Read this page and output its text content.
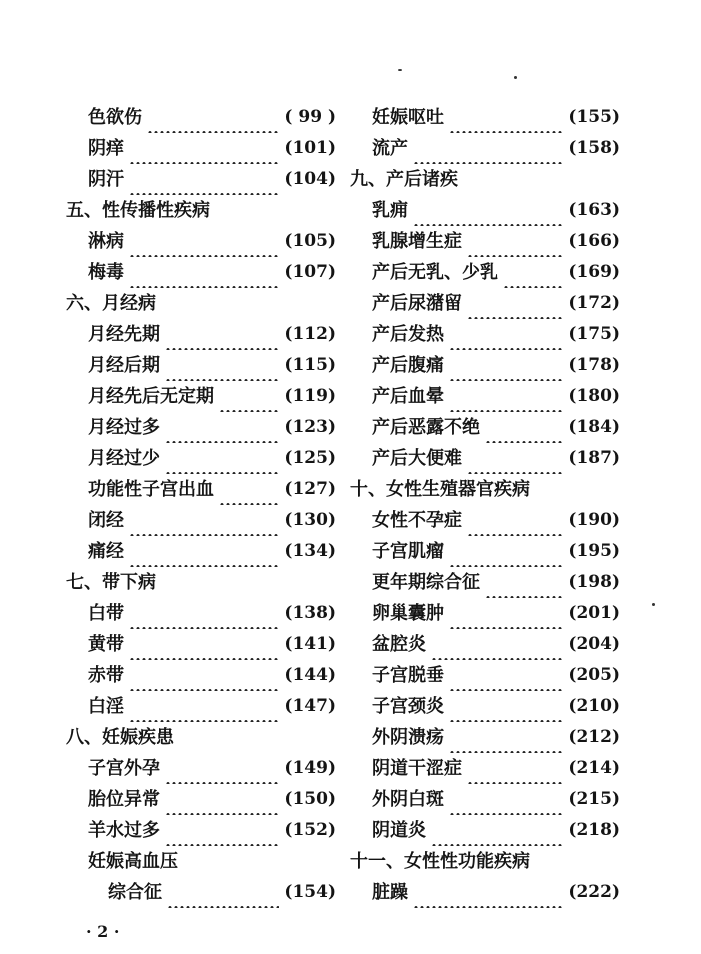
色欲伤	( 99 )
阴痒	(101)
阴汗	(104)
五、性传播性疾病
淋病	(105)
梅毒	(107)
六、月经病
月经先期	(112)
月经后期	(115)
月经先后无定期	(119)
月经过多	(123)
月经过少	(125)
功能性子宫出血	(127)
闭经	(130)
痛经	(134)
七、带下病
白带	(138)
黄带	(141)
赤带	(144)
白淫	(147)
八、妊娠疾患
子宫外孕	(149)
胎位异常	(150)
羊水过多	(152)
妊娠高血压
综合征	(154)
妊娠呕吐	(155)
流产	(158)
九、产后诸疾
乳痈	(163)
乳腺增生症	(166)
产后无乳、少乳	(169)
产后尿潴留	(172)
产后发热	(175)
产后腹痛	(178)
产后血晕	(180)
产后恶露不绝	(184)
产后大便难	(187)
十、女性生殖器官疾病
女性不孕症	(190)
子宫肌瘤	(195)
更年期综合征	(198)
卵巢囊肿	(201)
盆腔炎	(204)
子宫脱垂	(205)
子宫颈炎	(210)
外阴溃疡	(212)
阴道干涩症	(214)
外阴白斑	(215)
阴道炎	(218)
十一、女性性功能疾病
脏躁	(222)
· 2 ·
